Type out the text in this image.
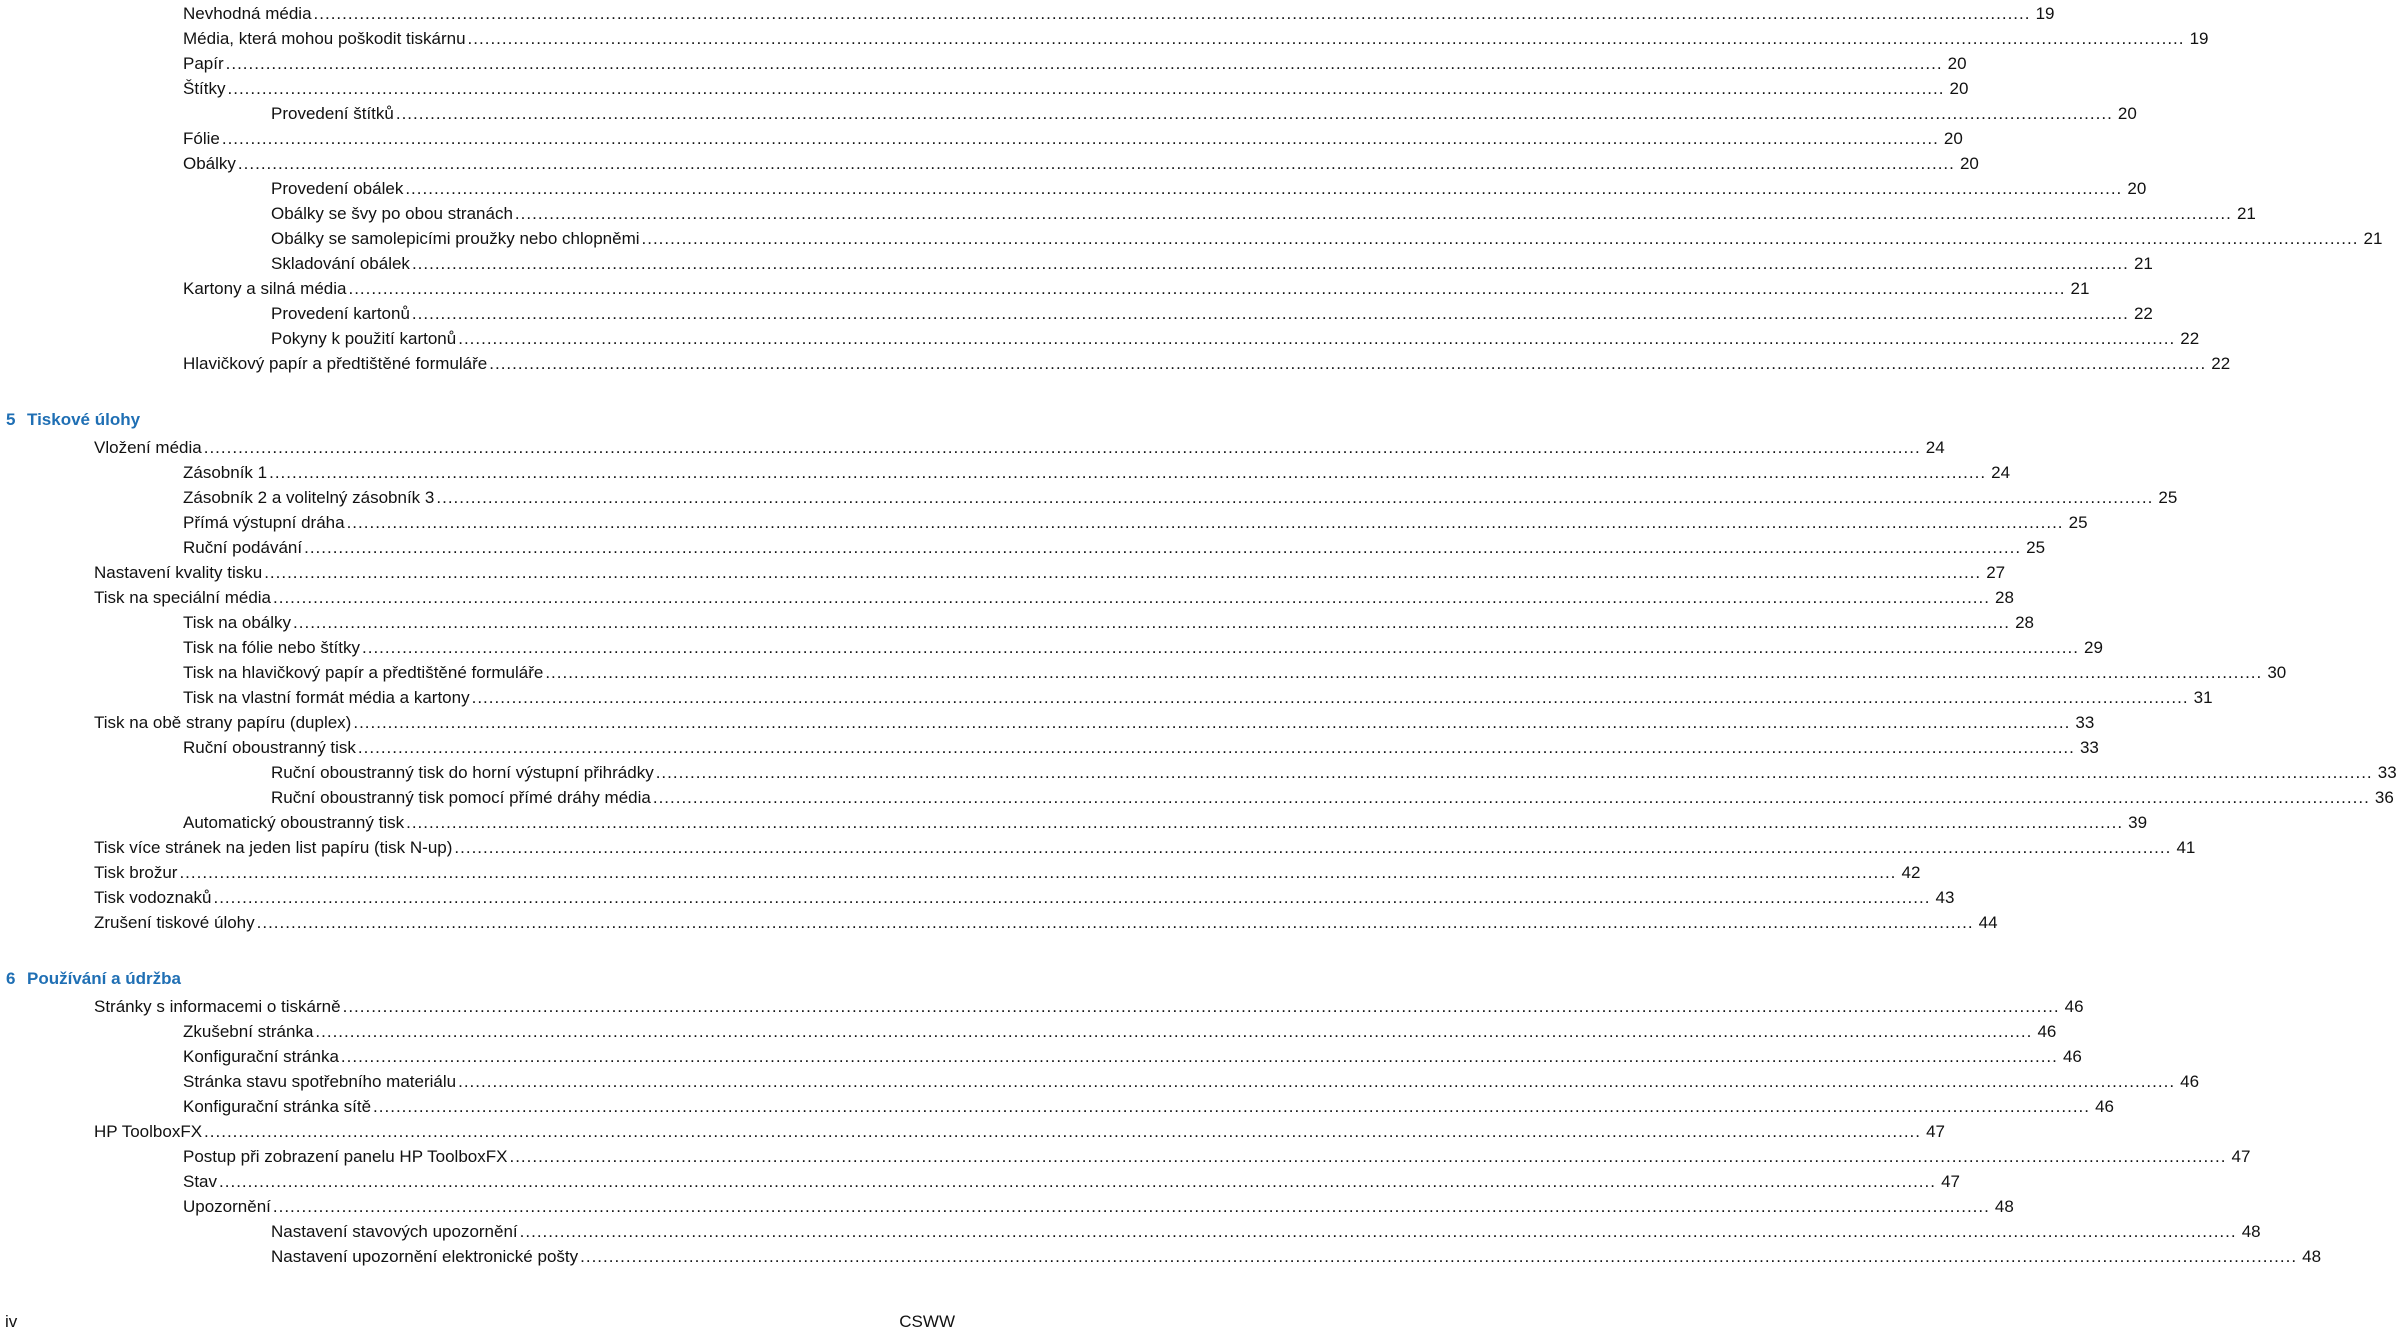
Nevhodná média ............................................................................................................................................................................................................................................................................................................ 19
Média, která mohou poškodit tiskárnu ............................................................................................................................................................................................................................................................................................................ 19
Papír ............................................................................................................................................................................................................................................................................................................ 20
Štítky ............................................................................................................................................................................................................................................................................................................ 20
Provedení štítků ............................................................................................................................................................................................................................................................................................................ 20
Fólie ............................................................................................................................................................................................................................................................................................................ 20
Obálky ............................................................................................................................................................................................................................................................................................................ 20
Provedení obálek ............................................................................................................................................................................................................................................................................................................ 20
Obálky se švy po obou stranách ............................................................................................................................................................................................................................................................................................................ 21
Obálky se samolepicími proužky nebo chlopněmi ............................................................................................................................................................................................................................................................................................................ 21
Skladování obálek ............................................................................................................................................................................................................................................................................................................ 21
Kartony a silná média ............................................................................................................................................................................................................................................................................................................ 21
Provedení kartonů ............................................................................................................................................................................................................................................................................................................ 22
Pokyny k použití kartonů ............................................................................................................................................................................................................................................................................................................ 22
Hlavičkový papír a předtištěné formuláře ............................................................................................................................................................................................................................................................................................................ 22
5 Tiskové úlohy
Vložení média ............................................................................................................................................................................................................................................................................................................ 24
Zásobník 1 ............................................................................................................................................................................................................................................................................................................ 24
Zásobník 2 a volitelný zásobník 3 ............................................................................................................................................................................................................................................................................................................ 25
Přímá výstupní dráha ............................................................................................................................................................................................................................................................................................................ 25
Ruční podávání ............................................................................................................................................................................................................................................................................................................ 25
Nastavení kvality tisku ............................................................................................................................................................................................................................................................................................................ 27
Tisk na speciální média ............................................................................................................................................................................................................................................................................................................ 28
Tisk na obálky ............................................................................................................................................................................................................................................................................................................ 28
Tisk na fólie nebo štítky ............................................................................................................................................................................................................................................................................................................ 29
Tisk na hlavičkový papír a předtištěné formuláře ............................................................................................................................................................................................................................................................................................................ 30
Tisk na vlastní formát média a kartony ............................................................................................................................................................................................................................................................................................................ 31
Tisk na obě strany papíru (duplex) ............................................................................................................................................................................................................................................................................................................ 33
Ruční oboustranný tisk ............................................................................................................................................................................................................................................................................................................ 33
Ruční oboustranný tisk do horní výstupní přihrádky ............................................................................................................................................................................................................................................................................................................ 33
Ruční oboustranný tisk pomocí přímé dráhy média ............................................................................................................................................................................................................................................................................................................ 36
Automatický oboustranný tisk ............................................................................................................................................................................................................................................................................................................ 39
Tisk více stránek na jeden list papíru (tisk N-up) ............................................................................................................................................................................................................................................................................................................ 41
Tisk brožur ............................................................................................................................................................................................................................................................................................................ 42
Tisk vodoznaků ............................................................................................................................................................................................................................................................................................................ 43
Zrušení tiskové úlohy ............................................................................................................................................................................................................................................................................................................ 44
6 Používání a údržba
Stránky s informacemi o tiskárně ............................................................................................................................................................................................................................................................................................................ 46
Zkušební stránka ............................................................................................................................................................................................................................................................................................................ 46
Konfigurační stránka ............................................................................................................................................................................................................................................................................................................ 46
Stránka stavu spotřebního materiálu ............................................................................................................................................................................................................................................................................................................ 46
Konfigurační stránka sítě ............................................................................................................................................................................................................................................................................................................ 46
HP ToolboxFX ............................................................................................................................................................................................................................................................................................................ 47
Postup při zobrazení panelu HP ToolboxFX ............................................................................................................................................................................................................................................................................................................ 47
Stav ............................................................................................................................................................................................................................................................................................................ 47
Upozornění ............................................................................................................................................................................................................................................................................................................ 48
Nastavení stavových upozornění ............................................................................................................................................................................................................................................................................................................ 48
Nastavení upozornění elektronické pošty ............................................................................................................................................................................................................................................................................................................ 48
iv	CSWW
